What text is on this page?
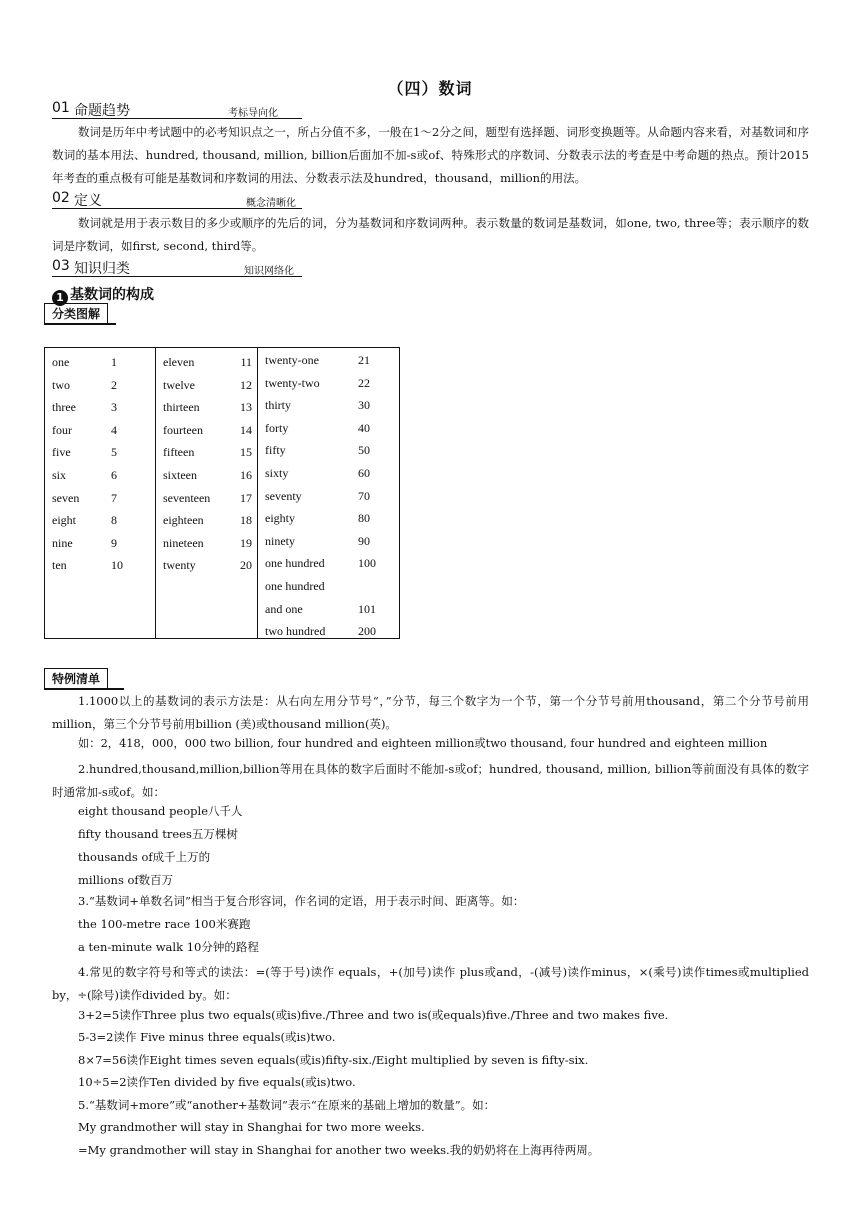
（四）数词
01 命题趋势	考标导向化
数词是历年中考试题中的必考知识点之一，所占分值不多，一般在1～2分之间，题型有选择题、词形变换题等。从命题内容来看，对基数词和序数词的基本用法、hundred, thousand, million, billion后面加不加-s或of、特殊形式的序数词、分数表示法的考查是中考命题的热点。预计2015年考查的重点极有可能是基数词和序数词的用法、分数表示法及hundred，thousand，million的用法。
02 定义	概念清晰化
数词就是用于表示数目的多少或顺序的先后的词，分为基数词和序数词两种。表示数量的数词是基数词，如one, two, three等；表示顺序的数词是序数词，如first, second, third等。
03 知识归类	知识网络化
1 基数词的构成
分类图解
one	1
two	2
three	3
four	4
five	5
six	6
seven	7
eight	8
nine	9
ten	10
eleven	11
twelve	12
thirteen	13
fourteen	14
fifteen	15
sixteen	16
seventeen 17
eighteen	18
nineteen	19
twenty	20
twenty-one	21
twenty-two	22
thirty	30
forty	40
fifty	50
sixty	60
seventy	70
eighty	80
ninety	90
one hundred	100
one hundred
and one	101
two hundred	200
特例清单
1.1000以上的基数词的表示方法是：从右向左用分节号“，”分节，每三个数字为一个节，第一个分节号前用thousand，第二个分节号前用million，第三个分节号前用billion (美)或thousand million(英)。
如：2，418，000，000 two billion, four hundred and eighteen million或two thousand, four hundred and eighteen million
2.hundred,thousand,million,billion等用在具体的数字后面时不能加-s或of；hundred, thousand, million, billion等前面没有具体的数字时通常加-s或of。如：
eight thousand people八千人
fifty thousand trees五万棵树
thousands of成千上万的
millions of数百万
3.“基数词+单数名词”相当于复合形容词，作名词的定语，用于表示时间、距离等。如：
the 100-metre race 100米赛跑
a ten-minute walk 10分钟的路程
4.常见的数字符号和等式的读法：=(等于号)读作 equals，+(加号)读作 plus或and，-(减号)读作minus，×(乘号)读作times或multiplied by，÷(除号)读作divided by。如：
3+2=5读作Three plus two equals(或is)five./Three and two is(或equals)five./Three and two makes five.
5-3=2读作 Five minus three equals(或is)two.
8×7=56读作Eight times seven equals(或is)fifty-six./Eight multiplied by seven is fifty-six.
10÷5=2读作Ten divided by five equals(或is)two.
5.“基数词+more”或“another+基数词”表示“在原来的基础上增加的数量”。如：
My grandmother will stay in Shanghai for two more weeks.
=My grandmother will stay in Shanghai for another two weeks.我的奶奶将在上海再待两周。
